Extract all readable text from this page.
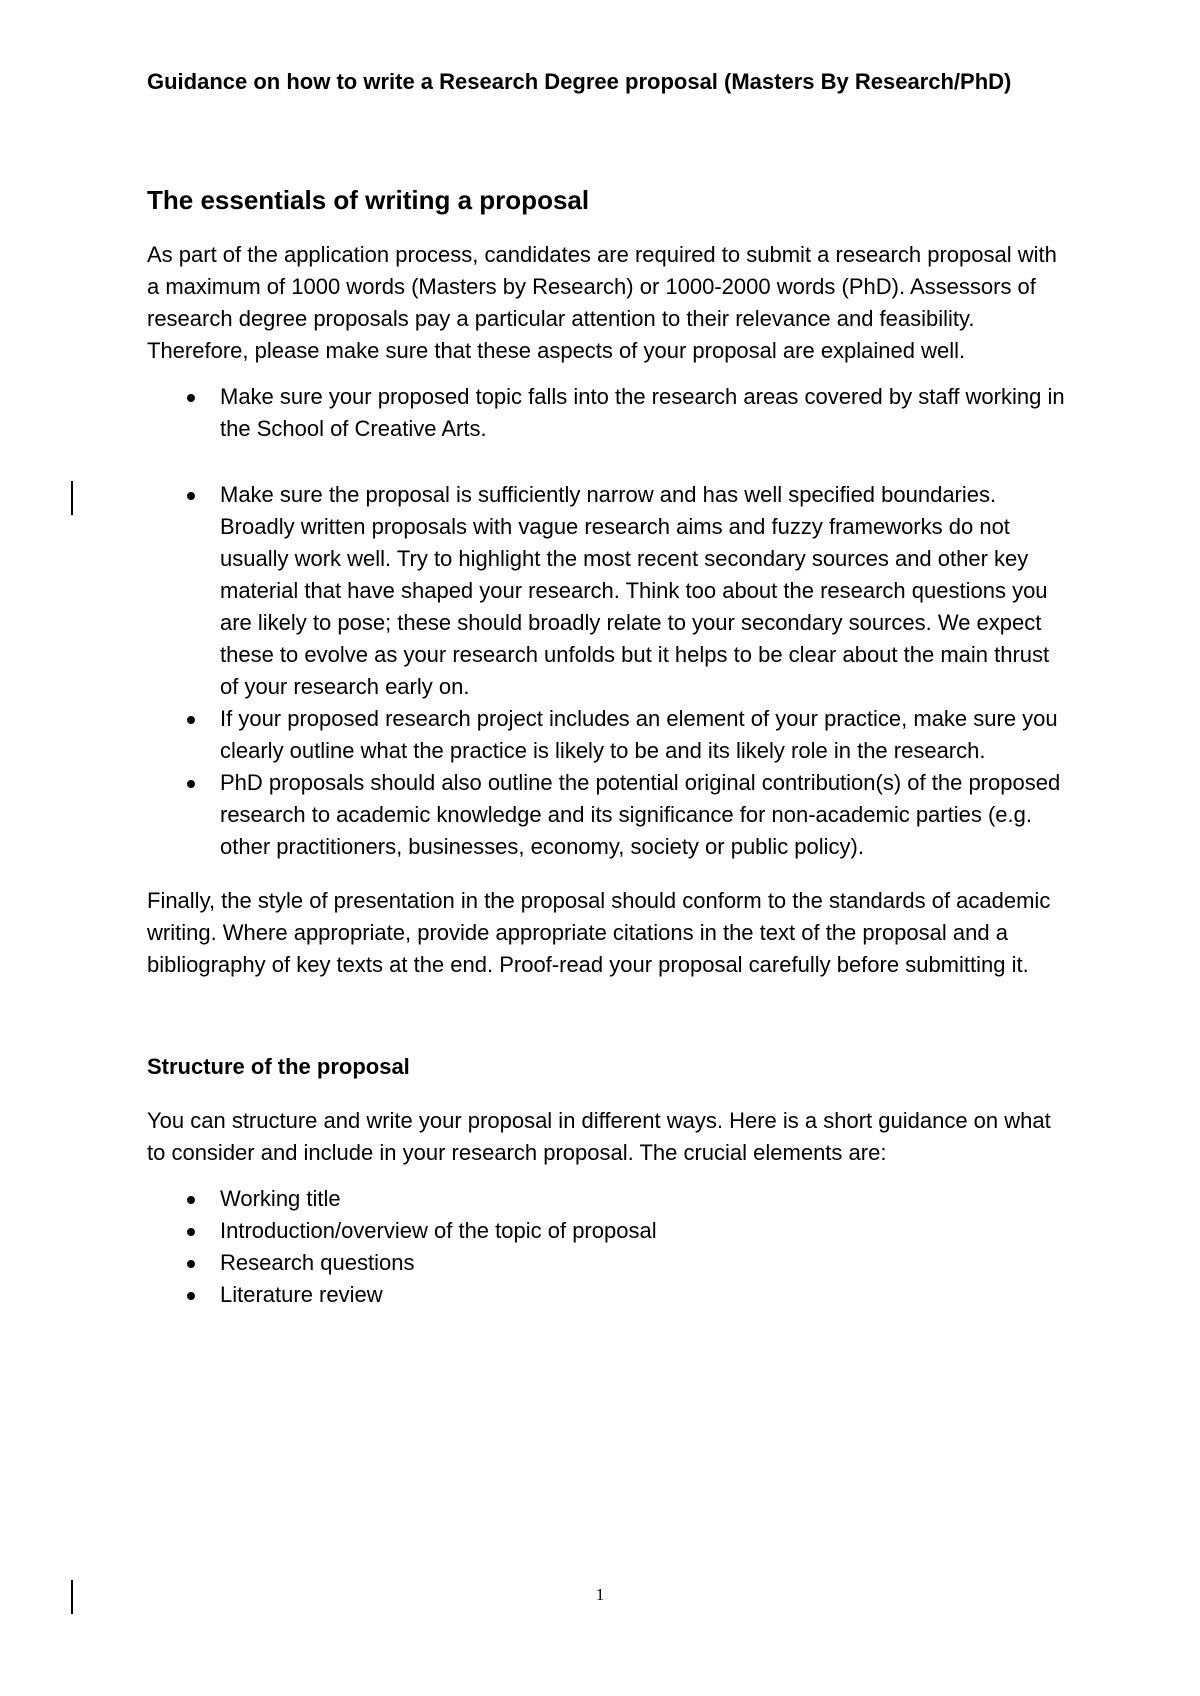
Guidance on how to write a Research Degree proposal (Masters By Research/PhD)

The essentials of writing a proposal

As part of the application process, candidates are required to submit a research proposal with a maximum of 1000 words (Masters by Research) or 1000-2000 words (PhD). Assessors of research degree proposals pay a particular attention to their relevance and feasibility. Therefore, please make sure that these aspects of your proposal are explained well.

Make sure your proposed topic falls into the research areas covered by staff working in the School of Creative Arts.
Make sure the proposal is sufficiently narrow and has well specified boundaries. Broadly written proposals with vague research aims and fuzzy frameworks do not usually work well. Try to highlight the most recent secondary sources and other key material that have shaped your research. Think too about the research questions you are likely to pose; these should broadly relate to your secondary sources. We expect these to evolve as your research unfolds but it helps to be clear about the main thrust of your research early on.
If your proposed research project includes an element of your practice, make sure you clearly outline what the practice is likely to be and its likely role in the research.
PhD proposals should also outline the potential original contribution(s) of the proposed research to academic knowledge and its significance for non-academic parties (e.g. other practitioners, businesses, economy, society or public policy).

Finally, the style of presentation in the proposal should conform to the standards of academic writing. Where appropriate, provide appropriate citations in the text of the proposal and a bibliography of key texts at the end. Proof-read your proposal carefully before submitting it.

Structure of the proposal

You can structure and write your proposal in different ways. Here is a short guidance on what to consider and include in your research proposal. The crucial elements are:

Working title
Introduction/overview of the topic of proposal
Research questions
Literature review
1
